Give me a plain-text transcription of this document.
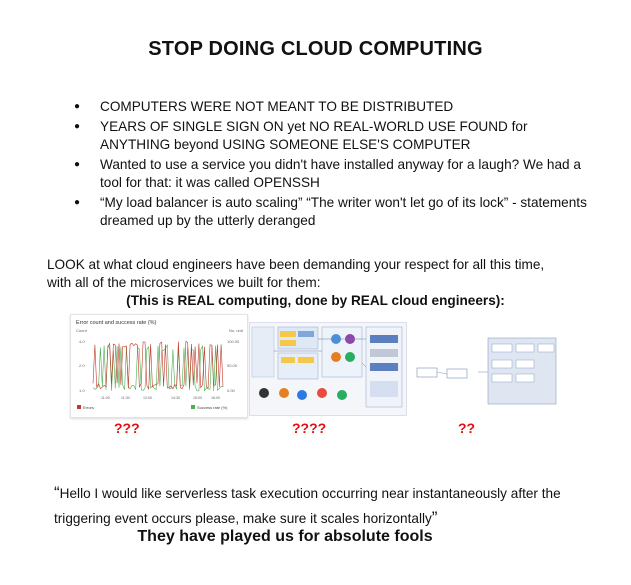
STOP DOING CLOUD COMPUTING
●	COMPUTERS WERE NOT MEANT TO BE DISTRIBUTED
●	YEARS OF SINGLE SIGN ON yet NO REAL-WORLD USE FOUND for ANYTHING beyond USING SOMEONE ELSE'S COMPUTER
●	Wanted to use a service you didn't have installed anyway for a laugh? We had a tool for that: it was called OPENSSH
●	“My load balancer is auto scaling” “The writer won't let go of its lock” - statements dreamed up by the utterly deranged
LOOK at what cloud engineers have been demanding your respect for all this time, with all of the microservices we built for them:
(This is REAL computing, done by REAL cloud engineers):
Error count and success rate (%)
Count	No. unit
4.0
2.0
1.0
100.00
50.00
0.00
11:00	11:30	12:00	14:30	15:00	16:00
Errors	Success rate (%)
???	????	??
“Hello I would like serverless task execution occurring near instantaneously after the triggering event occurs please, make sure it scales horizontally”
They have played us for absolute fools
